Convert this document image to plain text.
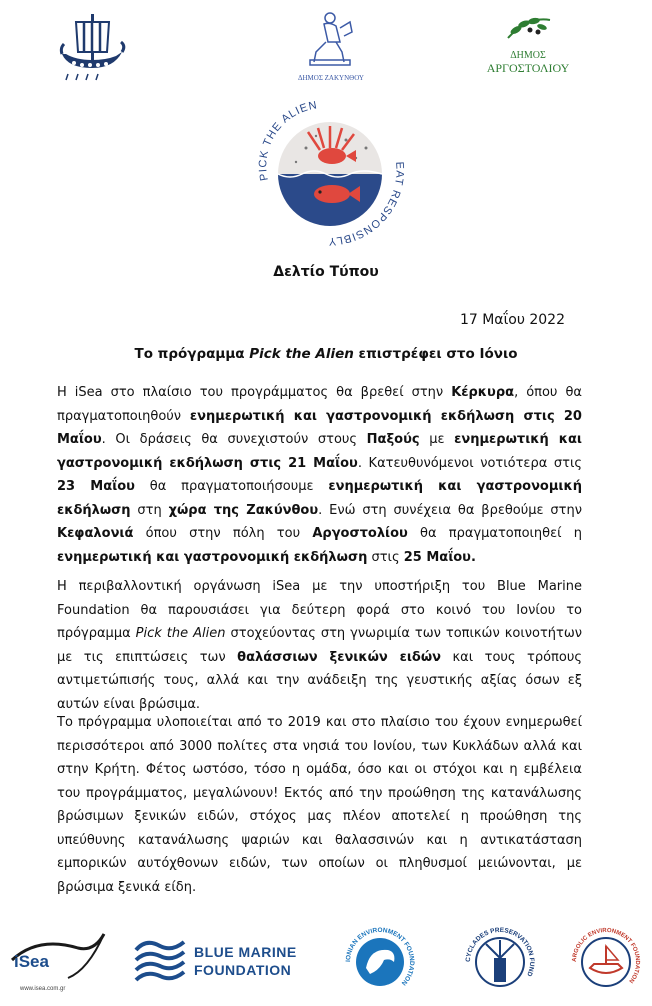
ΔΗΜΟΣ ΖΑΚΥΝΘΟΥ
ΔΗΜΟΣ
ΑΡΓΟΣΤΟΛΙΟΥ
PICK THE ALIEN
EAT RESPONSIBLY
Δελτίο Τύπου
17 Μαΐου 2022
Το πρόγραμμα Pick the Alien επιστρέφει στο Ιόνιο

Η iSea στο πλαίσιο του προγράμματος θα βρεθεί στην Κέρκυρα, όπου θα πραγματοποιηθούν ενημερωτική και γαστρονομική εκδήλωση στις 20 Μαΐου. Οι δράσεις θα συνεχιστούν στους Παξούς με ενημερωτική και γαστρονομική εκδήλωση στις 21 Μαΐου. Κατευθυνόμενοι νοτιότερα στις 23 Μαΐου θα πραγματοποιήσουμε ενημερωτική και γαστρονομική εκδήλωση στη χώρα της Ζακύνθου. Ενώ στη συνέχεια θα βρεθούμε στην Κεφαλονιά όπου στην πόλη του Αργοστολίου θα πραγματοποιηθεί η ενημερωτική και γαστρονομική εκδήλωση στις 25 Μαΐου.

Η περιβαλλοντική οργάνωση iSea με την υποστήριξη του Blue Marine Foundation θα παρουσιάσει για δεύτερη φορά στο κοινό του Ιονίου το πρόγραμμα Pick the Alien στοχεύοντας στη γνωριμία των τοπικών κοινοτήτων με τις επιπτώσεις των θαλάσσιων ξενικών ειδών και τους τρόπους αντιμετώπισής τους, αλλά και την ανάδειξη της γευστικής αξίας όσων εξ αυτών είναι βρώσιμα.

Το πρόγραμμα υλοποιείται από το 2019 και στο πλαίσιο του έχουν ενημερωθεί περισσότεροι από 3000 πολίτες στα νησιά του Ιονίου, των Κυκλάδων αλλά και στην Κρήτη. Φέτος ωστόσο, τόσο η ομάδα, όσο και οι στόχοι και η εμβέλεια του προγράμματος, μεγαλώνουν! Εκτός από την προώθηση της κατανάλωσης βρώσιμων ξενικών ειδών, στόχος μας πλέον αποτελεί η προώθηση της υπεύθυνης κατανάλωσης ψαριών και θαλασσινών και η αντικατάσταση εμπορικών αυτόχθονων ειδών, των οποίων οι πληθυσμοί μειώνονται, με βρώσιμα ξενικά είδη.

iSea
www.isea.com.gr
BLUE MARINE
FOUNDATION
IONIAN ENVIRONMENT FOUNDATION
CYCLADES PRESERVATION FUND
ARGOLIC ENVIRONMENT FOUNDATION
